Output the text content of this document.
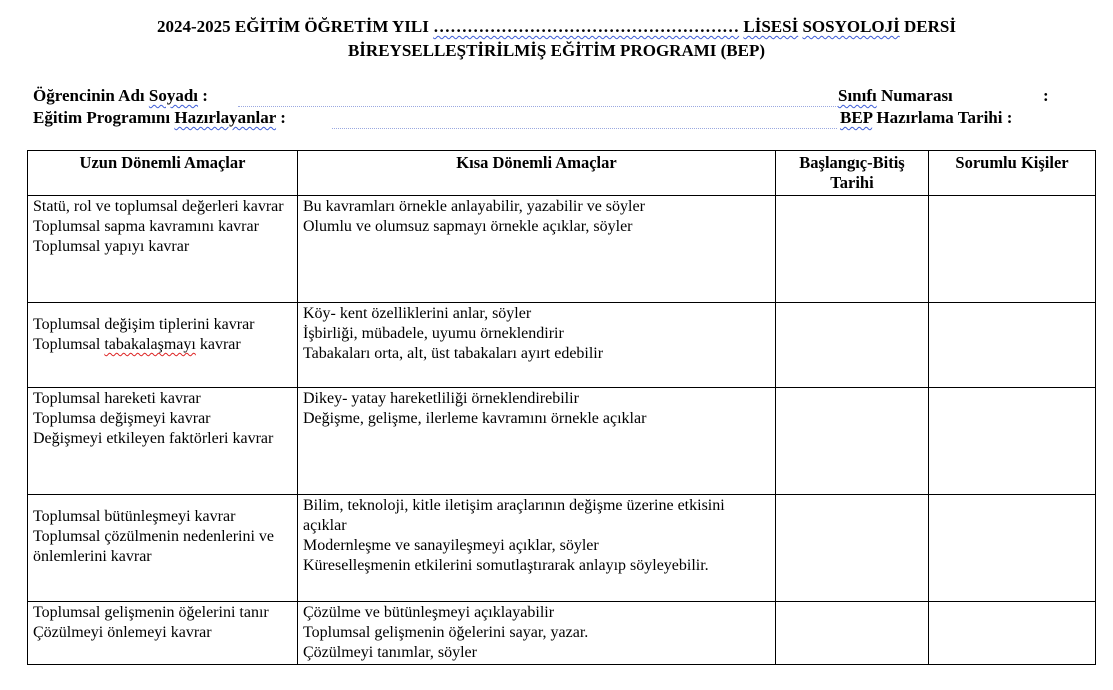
2024-2025 EĞİTİM ÖĞRETİM YILI ……………………………………………… LİSESİ SOSYOLOJİ DERSİ
BİREYSELLEŞTİRİLMİŞ EĞİTİM PROGRAMI (BEP)
Öğrencinin Adı Soyadı :	Sınıfı Numarası	:
Eğitim Programını Hazırlayanlar :	BEP Hazırlama Tarihi :
Uzun Dönemli Amaçlar	Kısa Dönemli Amaçlar	Başlangıç-Bitiş Tarihi	Sorumlu Kişiler

Statü, rol ve toplumsal değerleri kavrar
Toplumsal sapma kavramını kavrar
Toplumsal yapıyı kavrar	Bu kavramları örnekle anlayabilir, yazabilir ve söyler
Olumlu ve olumsuz sapmayı örnekle açıklar, söyler		

Toplumsal değişim tiplerini kavrar
Toplumsal tabakalaşmayı kavrar	Köy- kent özelliklerini anlar, söyler
İşbirliği, mübadele, uyumu örneklendirir
Tabakaları orta, alt, üst tabakaları ayırt edebilir		

Toplumsal hareketi kavrar
Toplumsa değişmeyi kavrar
Değişmeyi etkileyen faktörleri kavrar	Dikey- yatay hareketliliği örneklendirebilir
Değişme, gelişme, ilerleme kavramını örnekle açıklar		

Toplumsal bütünleşmeyi kavrar
Toplumsal çözülmenin nedenlerini ve önlemlerini kavrar	Bilim, teknoloji, kitle iletişim araçlarının değişme üzerine etkisini açıklar
Modernleşme ve sanayileşmeyi açıklar, söyler
Küreselleşmenin etkilerini somutlaştırarak anlayıp söyleyebilir.		

Toplumsal gelişmenin öğelerini tanır
Çözülmeyi önlemeyi kavrar	Çözülme ve bütünleşmeyi açıklayabilir
Toplumsal gelişmenin öğelerini sayar, yazar.
Çözülmeyi tanımlar, söyler		
